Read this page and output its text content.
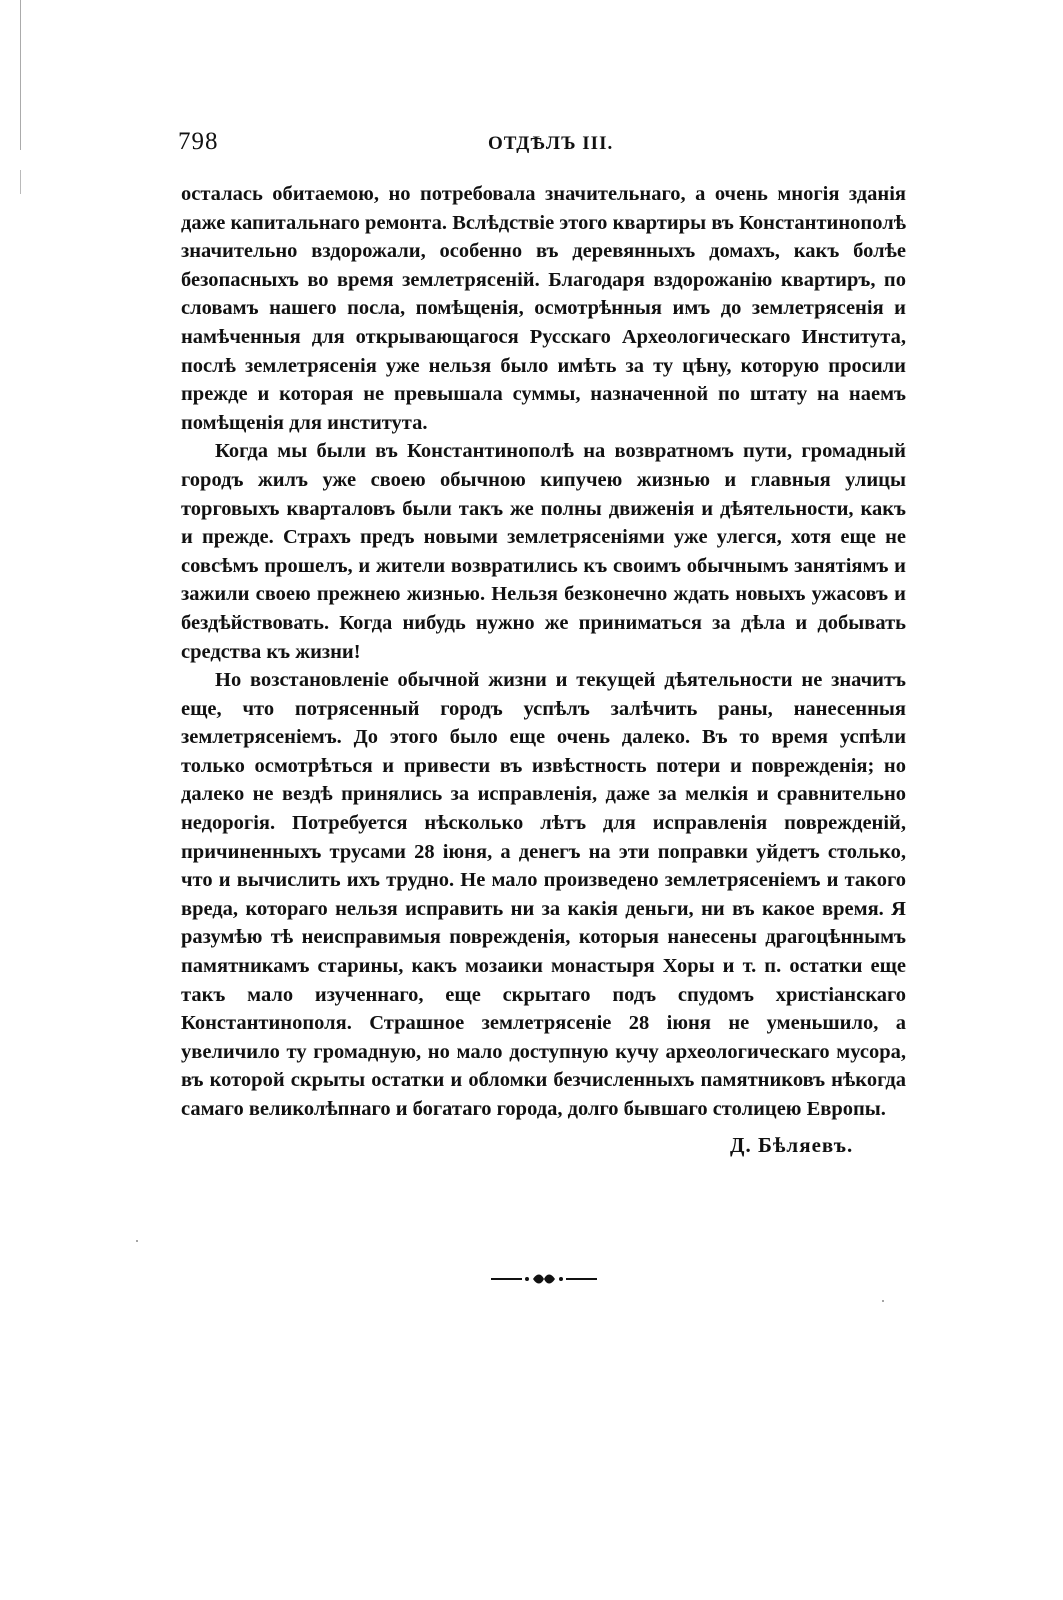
798	ОТДѢЛЪ III.

осталась обитаемою, но потребовала значительнаго, а очень многія зданія даже капитальнаго ремонта. Вслѣдствіе этого квартиры въ Константинополѣ значительно вздорожали, особенно въ деревянныхъ домахъ, какъ болѣе безопасныхъ во время землетрясеній. Благодаря вздорожанію квартиръ, по словамъ нашего посла, помѣщенія, осмотрѣнныя имъ до землетрясенія и намѣченныя для открывающагося Русскаго Археологическаго Института, послѣ землетрясенія уже нельзя было имѣть за ту цѣну, которую просили прежде и которая не превышала суммы, назначенной по штату на наемъ помѣщенія для института.

Когда мы были въ Константинополѣ на возвратномъ пути, громадный городъ жилъ уже своею обычною кипучею жизнью и главныя улицы торговыхъ кварталовъ были такъ же полны движенія и дѣятельности, какъ и прежде. Страхъ предъ новыми землетрясеніями уже улегся, хотя еще не совсѣмъ прошелъ, и жители возвратились къ своимъ обычнымъ занятіямъ и зажили своею прежнею жизнью. Нельзя безконечно ждать новыхъ ужасовъ и бездѣйствовать. Когда нибудь нужно же приниматься за дѣла и добывать средства къ жизни!

Но возстановленіе обычной жизни и текущей дѣятельности не значитъ еще, что потрясенный городъ успѣлъ залѣчить раны, нанесенныя землетрясеніемъ. До этого было еще очень далеко. Въ то время успѣли только осмотрѣться и привести въ извѣстность потери и поврежденія; но далеко не вездѣ принялись за исправленія, даже за мелкія и сравнительно недорогія. Потребуется нѣсколько лѣтъ для исправленія поврежденій, причиненныхъ трусами 28 іюня, а денегъ на эти поправки уйдетъ столько, что и вычислить ихъ трудно. Не мало произведено землетрясеніемъ и такого вреда, котораго нельзя исправить ни за какія деньги, ни въ какое время. Я разумѣю тѣ неисправимыя поврежденія, которыя нанесены драгоцѣннымъ памятникамъ старины, какъ мозаики монастыря Хоры и т. п. остатки еще такъ мало изученнаго, еще скрытаго подъ спудомъ христіанскаго Константинополя. Страшное землетрясеніе 28 іюня не уменьшило, а увеличило ту громадную, но мало доступную кучу археологическаго мусора, въ которой скрыты остатки и обломки безчисленныхъ памятниковъ нѣкогда самаго великолѣпнаго и богатаго города, долго бывшаго столицею Европы.

Д. Бѣляевъ.
